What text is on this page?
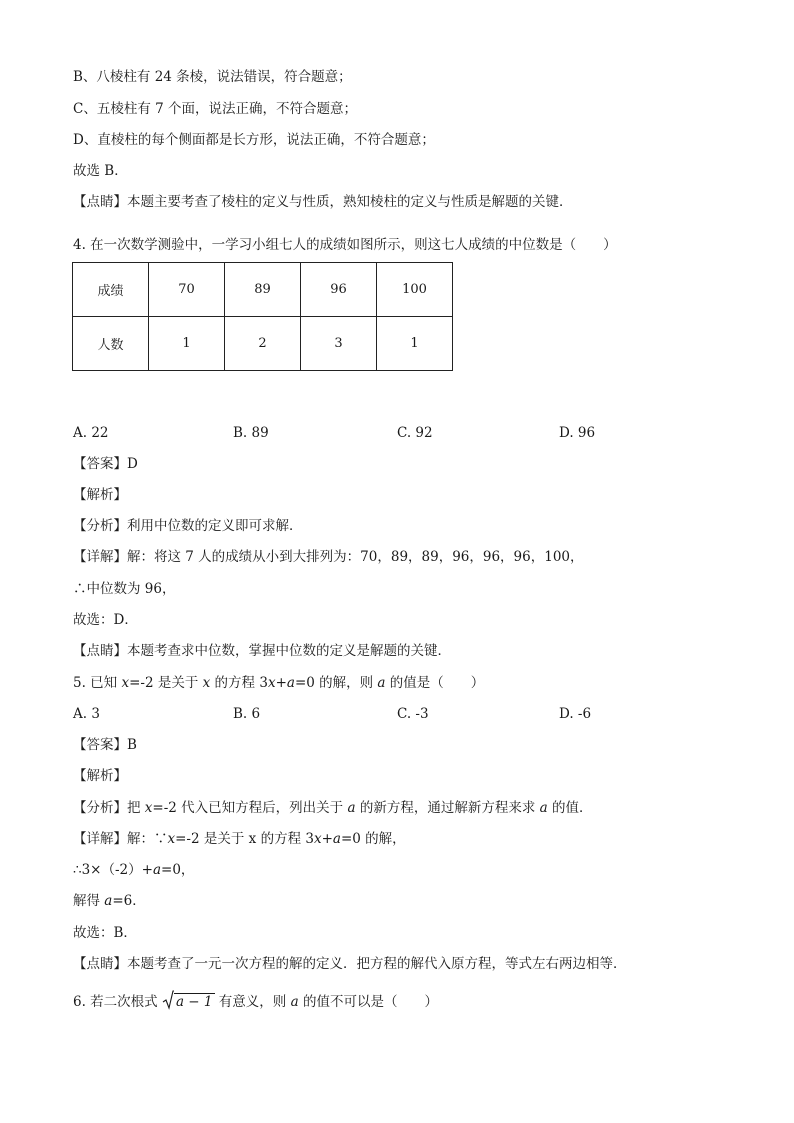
B、八棱柱有 24 条棱，说法错误，符合题意；
C、五棱柱有 7 个面，说法正确，不符合题意；
D、直棱柱的每个侧面都是长方形，说法正确，不符合题意；
故选 B．
【点睛】本题主要考查了棱柱的定义与性质，熟知棱柱的定义与性质是解题的关键．
4. 在一次数学测验中，一学习小组七人的成绩如图所示，则这七人成绩的中位数是（　　）
成绩	70	89	96	100
人数	1	2	3	1
A. 22	B. 89	C. 92	D. 96
【答案】D
【解析】
【分析】利用中位数的定义即可求解．
【详解】解：将这 7 人的成绩从小到大排列为：70，89，89，96，96，96，100，
∴中位数为 96，
故选：D．
【点睛】本题考查求中位数，掌握中位数的定义是解题的关键．
5. 已知 x=-2 是关于 x 的方程 3x+a=0 的解，则 a 的值是（　　）
A. 3	B. 6	C. -3	D. -6
【答案】B
【解析】
【分析】把 x=-2 代入已知方程后，列出关于 a 的新方程，通过解新方程来求 a 的值．
【详解】解：∵x=-2 是关于 x 的方程 3x+a=0 的解，
∴3×（-2）+a=0，
解得 a=6．
故选：B．
【点睛】本题考查了一元一次方程的解的定义．把方程的解代入原方程，等式左右两边相等．
6. 若二次根式 a − 1 有意义，则 a 的值不可以是（　　）
